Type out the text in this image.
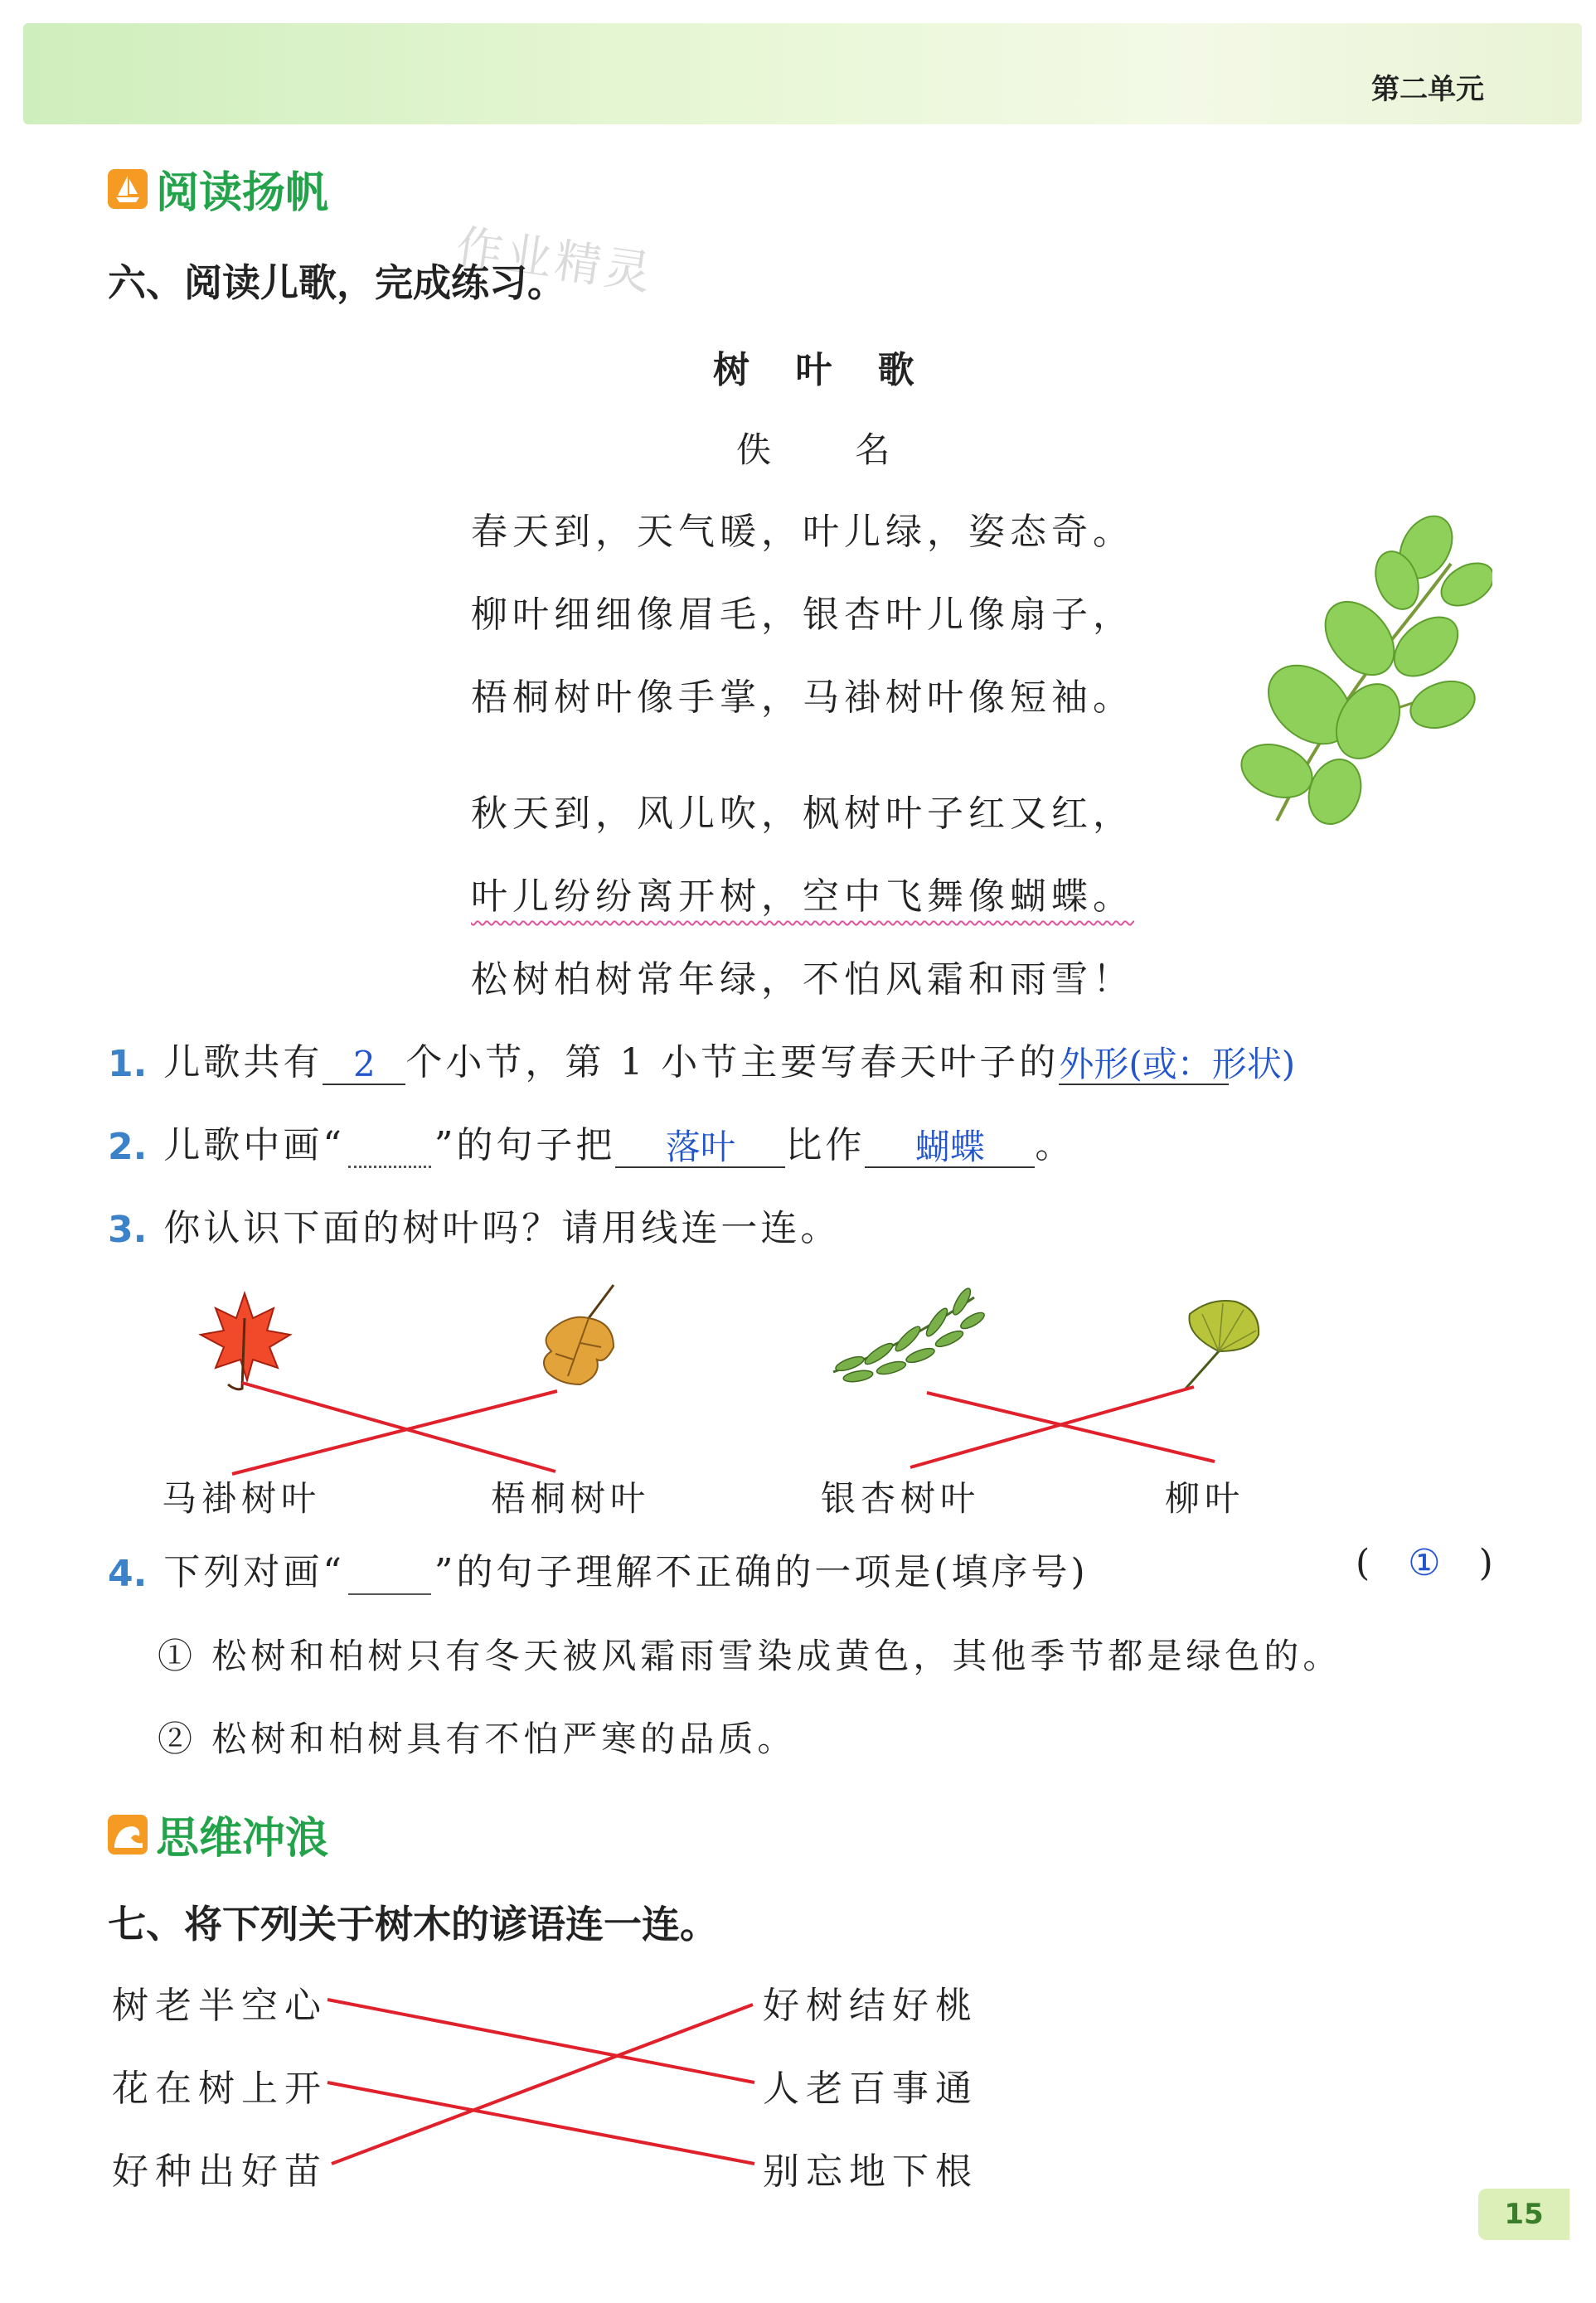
第二单元
阅读扬帆
作业精灵
六、阅读儿歌，完成练习。
树 叶 歌
佚 名
春天到，天气暖，叶儿绿，姿态奇。
柳叶细细像眉毛，银杏叶儿像扇子，
梧桐树叶像手掌，马褂树叶像短袖。
秋天到，风儿吹，枫树叶子红又红，
叶儿纷纷离开树，空中飞舞像蝴蝶。
松树柏树常年绿，不怕风霜和雨雪！
1. 儿歌共有 2 个小节，第 1 小节主要写春天叶子的 外形(或：形状)
2. 儿歌中画“ ”的句子把	落叶	比作	蝴蝶	。
3. 你认识下面的树叶吗？请用线连一连。
马褂树叶	梧桐树叶	银杏树叶	柳叶
4. 下列对画“ ”的句子理解不正确的一项是(填序号)	( ① )
① 松树和柏树只有冬天被风霜雨雪染成黄色，其他季节都是绿色的。
② 松树和柏树具有不怕严寒的品质。
思维冲浪
七、将下列关于树木的谚语连一连。
树老半空心
花在树上开
好种出好苗
好树结好桃
人老百事通
别忘地下根
15
